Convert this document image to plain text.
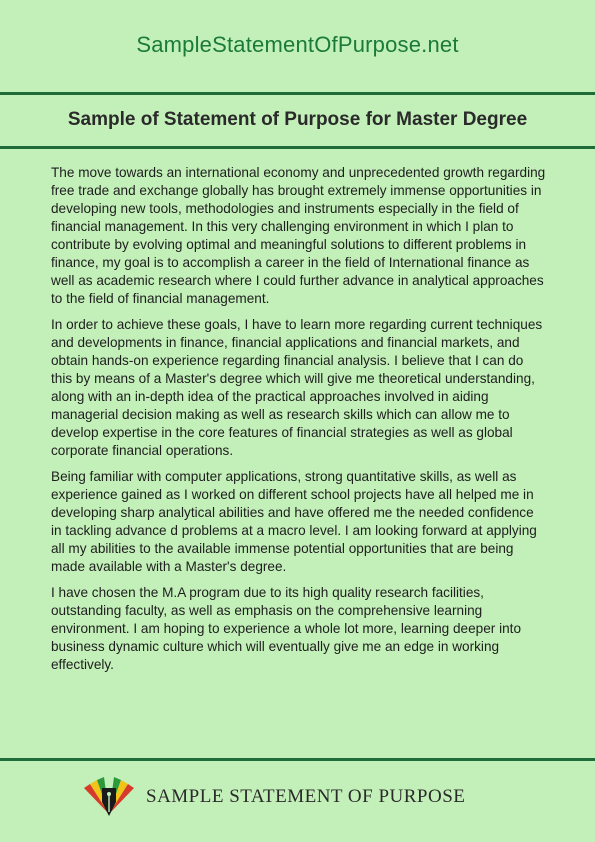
SampleStatementOfPurpose.net
Sample of Statement of Purpose for Master Degree

The move towards an international economy and unprecedented growth regarding free trade and exchange globally has brought extremely immense opportunities in developing new tools, methodologies and instruments especially in the field of financial management. In this very challenging environment in which I plan to contribute by evolving optimal and meaningful solutions to different problems in finance, my goal is to accomplish a career in the field of International finance as well as academic research where I could further advance in analytical approaches to the field of financial management.

In order to achieve these goals, I have to learn more regarding current techniques and developments in finance, financial applications and financial markets, and obtain hands-on experience regarding financial analysis. I believe that I can do this by means of a Master's degree which will give me theoretical understanding, along with an in-depth idea of the practical approaches involved in aiding managerial decision making as well as research skills which can allow me to develop expertise in the core features of financial strategies as well as global corporate financial operations.

Being familiar with computer applications, strong quantitative skills, as well as experience gained as I worked on different school projects have all helped me in developing sharp analytical abilities and have offered me the needed confidence in tackling advance d problems at a macro level. I am looking forward at applying all my abilities to the available immense potential opportunities that are being made available with a Master's degree.

I have chosen the M.A program due to its high quality research facilities, outstanding faculty, as well as emphasis on the comprehensive learning environment. I am hoping to experience a whole lot more, learning deeper into business dynamic culture which will eventually give me an edge in working effectively.

SAMPLE STATEMENT OF PURPOSE
